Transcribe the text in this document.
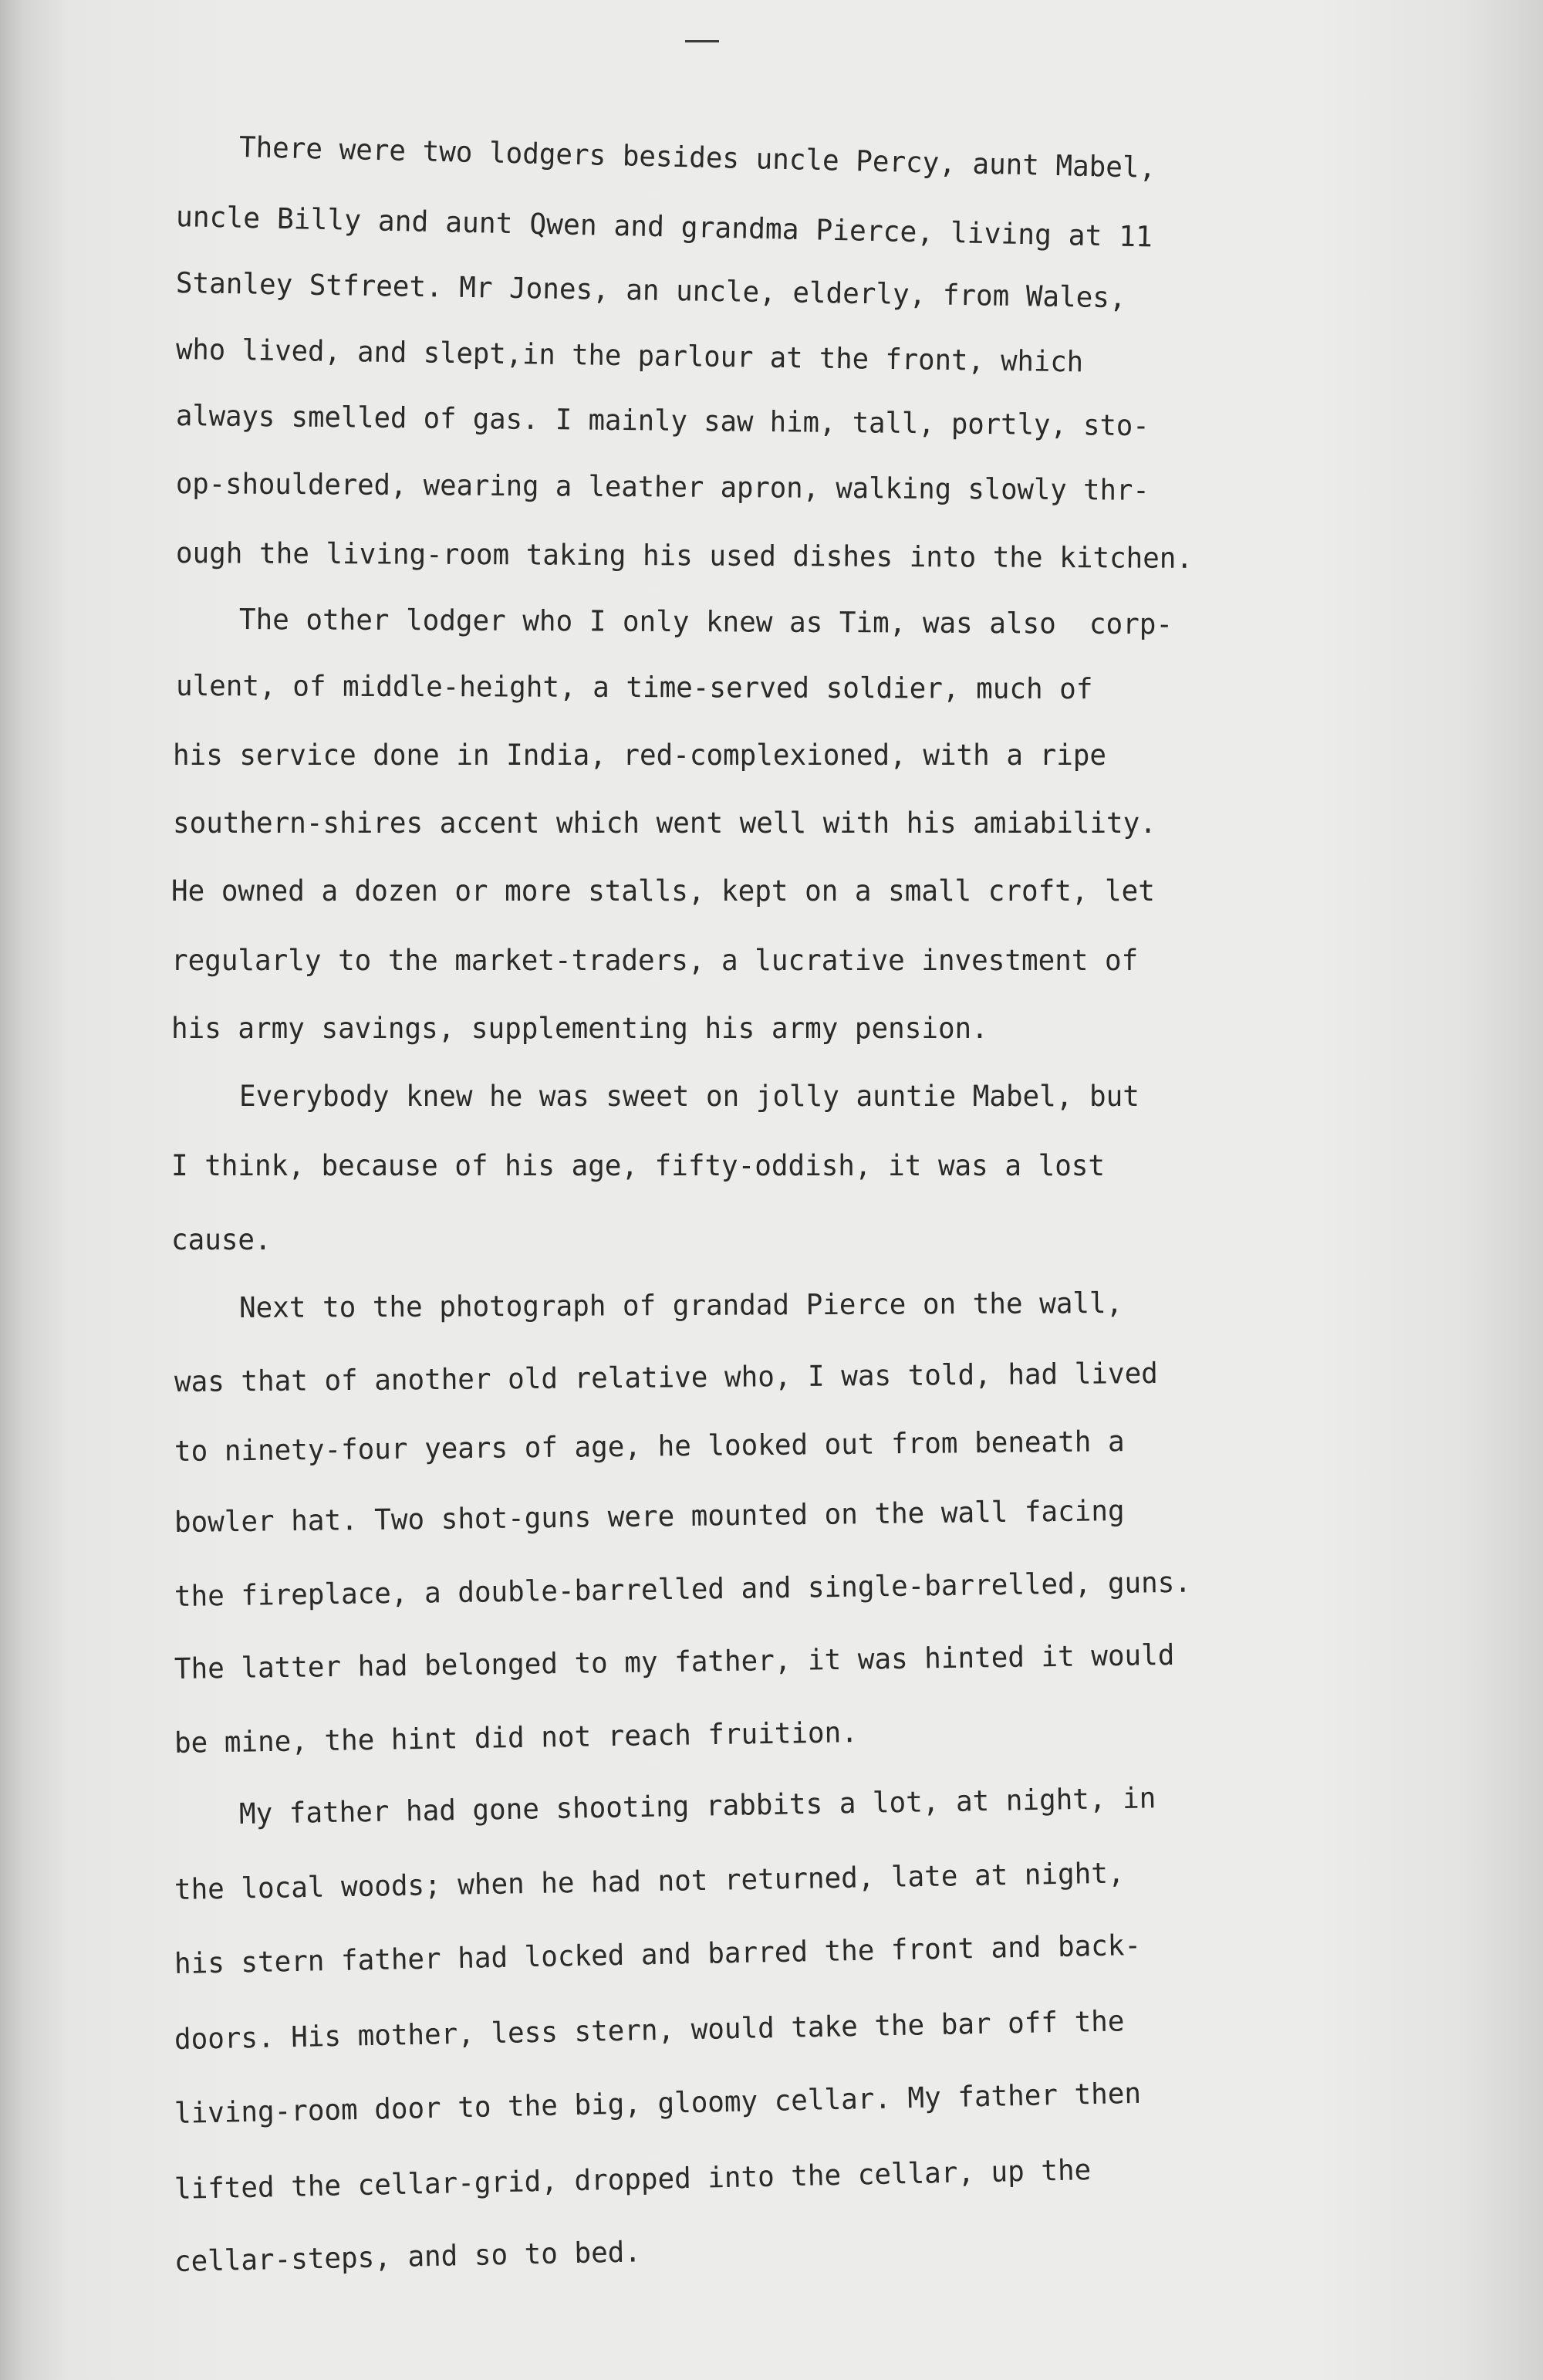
There were two lodgers besides uncle Percy, aunt Mabel,
uncle Billy and aunt Qwen and grandma Pierce, living at 11
Stanley Stfreet. Mr Jones, an uncle, elderly, from Wales,
who lived, and slept,in the parlour at the front, which
always smelled of gas. I mainly saw him, tall, portly, sto-
op-shouldered, wearing a leather apron, walking slowly thr-
ough the living-room taking his used dishes into the kitchen.
The other lodger who I only knew as Tim, was also  corp-
ulent, of middle-height, a time-served soldier, much of
his service done in India, red-complexioned, with a ripe
southern-shires accent which went well with his amiability.
He owned a dozen or more stalls, kept on a small croft, let
regularly to the market-traders, a lucrative investment of
his army savings, supplementing his army pension.
Everybody knew he was sweet on jolly auntie Mabel, but
I think, because of his age, fifty-oddish, it was a lost
cause.
Next to the photograph of grandad Pierce on the wall,
was that of another old relative who, I was told, had lived
to ninety-four years of age, he looked out from beneath a
bowler hat. Two shot-guns were mounted on the wall facing
the fireplace, a double-barrelled and single-barrelled, guns.
The latter had belonged to my father, it was hinted it would
be mine, the hint did not reach fruition.
My father had gone shooting rabbits a lot, at night, in
the local woods; when he had not returned, late at night,
his stern father had locked and barred the front and back-
doors. His mother, less stern, would take the bar off the
living-room door to the big, gloomy cellar. My father then
lifted the cellar-grid, dropped into the cellar, up the
cellar-steps, and so to bed.
